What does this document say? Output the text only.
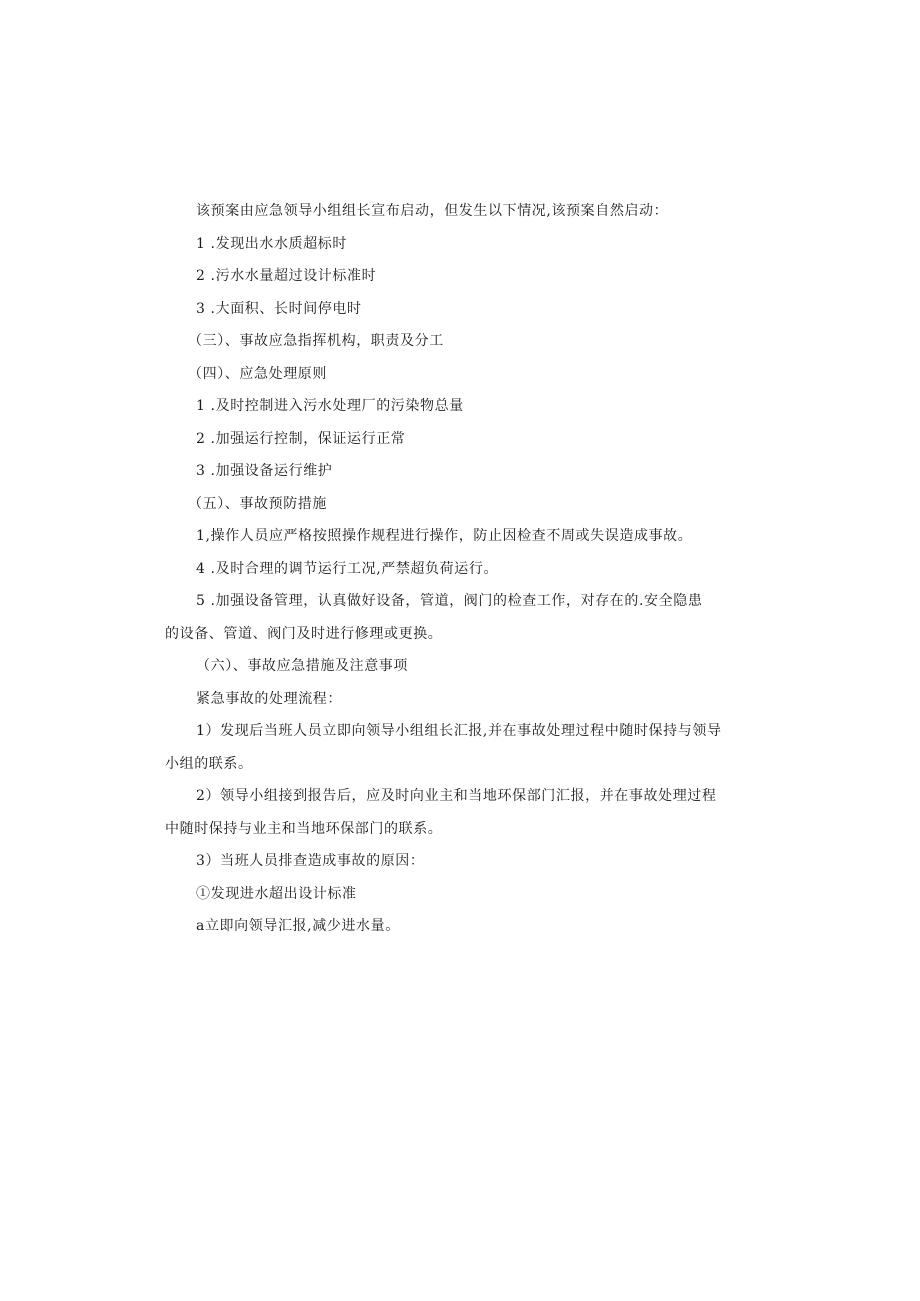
该预案由应急领导小组组长宣布启动，但发生以下情况,该预案自然启动：
1 .发现出水水质超标时
2 .污水水量超过设计标准时
3 .大面积、长时间停电时
（三）、事故应急指挥机构，职责及分工
（四）、应急处理原则
1 .及时控制进入污水处理厂的污染物总量
2 .加强运行控制，保证运行正常
3 .加强设备运行维护
（五）、事故预防措施
1,操作人员应严格按照操作规程进行操作，防止因检查不周或失误造成事故。
4 .及时合理的调节运行工况,严禁超负荷运行。
5 .加强设备管理，认真做好设备，管道，阀门的检查工作，对存在的.安全隐患
的设备、管道、阀门及时进行修理或更换。
（六）、事故应急措施及注意事项
紧急事故的处理流程：
1）发现后当班人员立即向领导小组组长汇报,并在事故处理过程中随时保持与领导
小组的联系。
2）领导小组接到报告后，应及时向业主和当地环保部门汇报，并在事故处理过程
中随时保持与业主和当地环保部门的联系。
3）当班人员排查造成事故的原因：
①发现进水超出设计标准
a立即向领导汇报,减少进水量。
